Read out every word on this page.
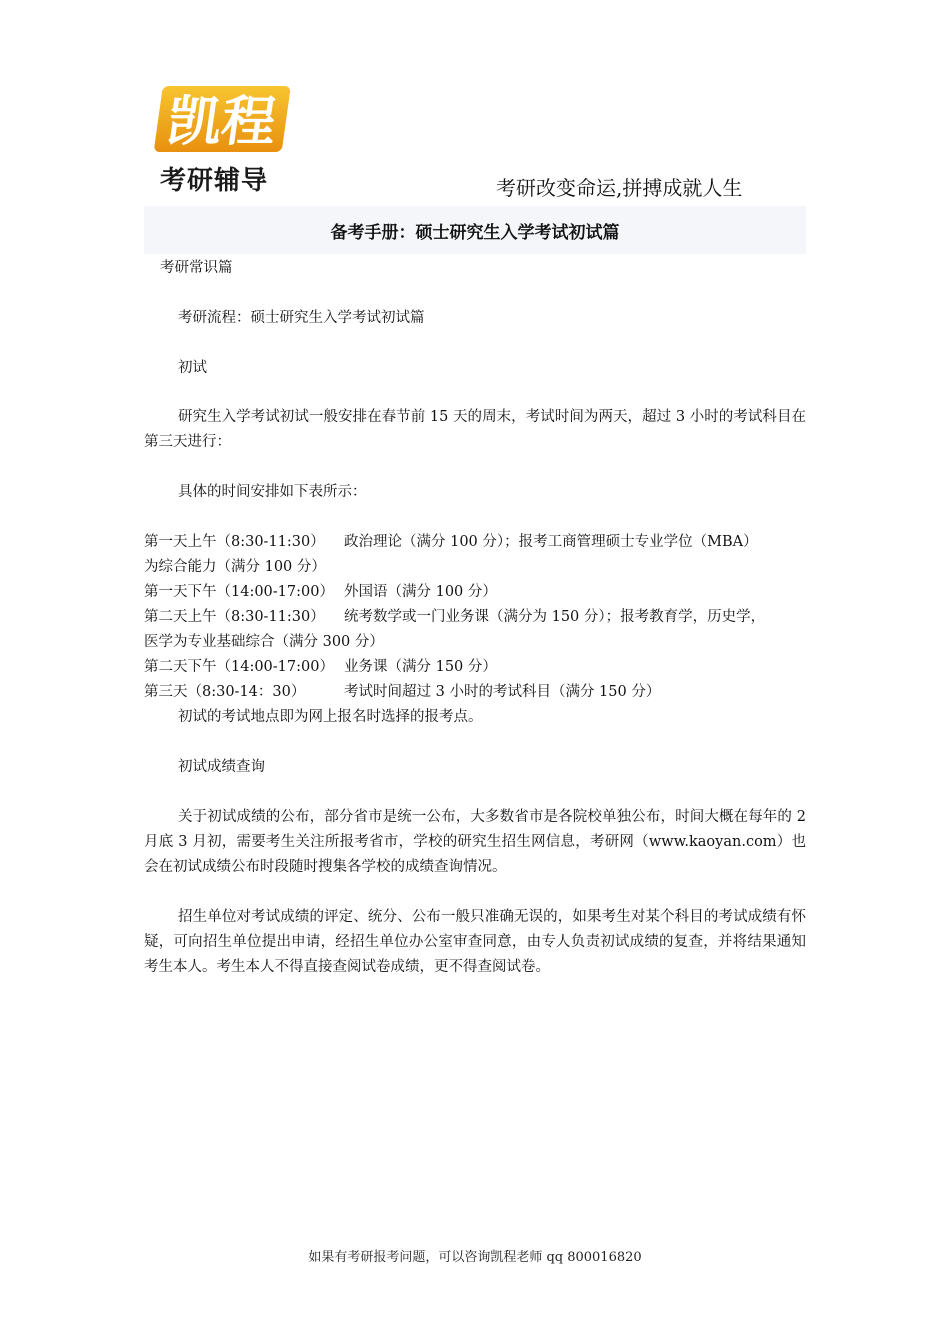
凯程
考研辅导	考研改变命运,拼搏成就人生
备考手册：硕士研究生入学考试初试篇
考研常识篇
考研流程：硕士研究生入学考试初试篇
初试
研究生入学考试初试一般安排在春节前 15 天的周末，考试时间为两天，超过 3 小时的考试科目在第三天进行：
具体的时间安排如下表所示：
第一天上午（8:30-11:30） 政治理论（满分 100 分）；报考工商管理硕士专业学位（MBA）
为综合能力（满分 100 分）
第一天下午（14:00-17:00） 外国语（满分 100 分）
第二天上午（8:30-11:30） 统考数学或一门业务课（满分为 150 分）；报考教育学，历史学，
医学为专业基础综合（满分 300 分）
第二天下午（14:00-17:00） 业务课（满分 150 分）
第三天（8:30-14：30）	考试时间超过 3 小时的考试科目（满分 150 分）
初试的考试地点即为网上报名时选择的报考点。
初试成绩查询
关于初试成绩的公布，部分省市是统一公布，大多数省市是各院校单独公布，时间大概在每年的 2 月底 3 月初，需要考生关注所报考省市，学校的研究生招生网信息，考研网（www.kaoyan.com）也会在初试成绩公布时段随时搜集各学校的成绩查询情况。
招生单位对考试成绩的评定、统分、公布一般只准确无误的，如果考生对某个科目的考试成绩有怀疑，可向招生单位提出申请，经招生单位办公室审查同意，由专人负责初试成绩的复查，并将结果通知考生本人。考生本人不得直接查阅试卷成绩，更不得查阅试卷。
如果有考研报考问题，可以咨询凯程老师 qq 800016820
